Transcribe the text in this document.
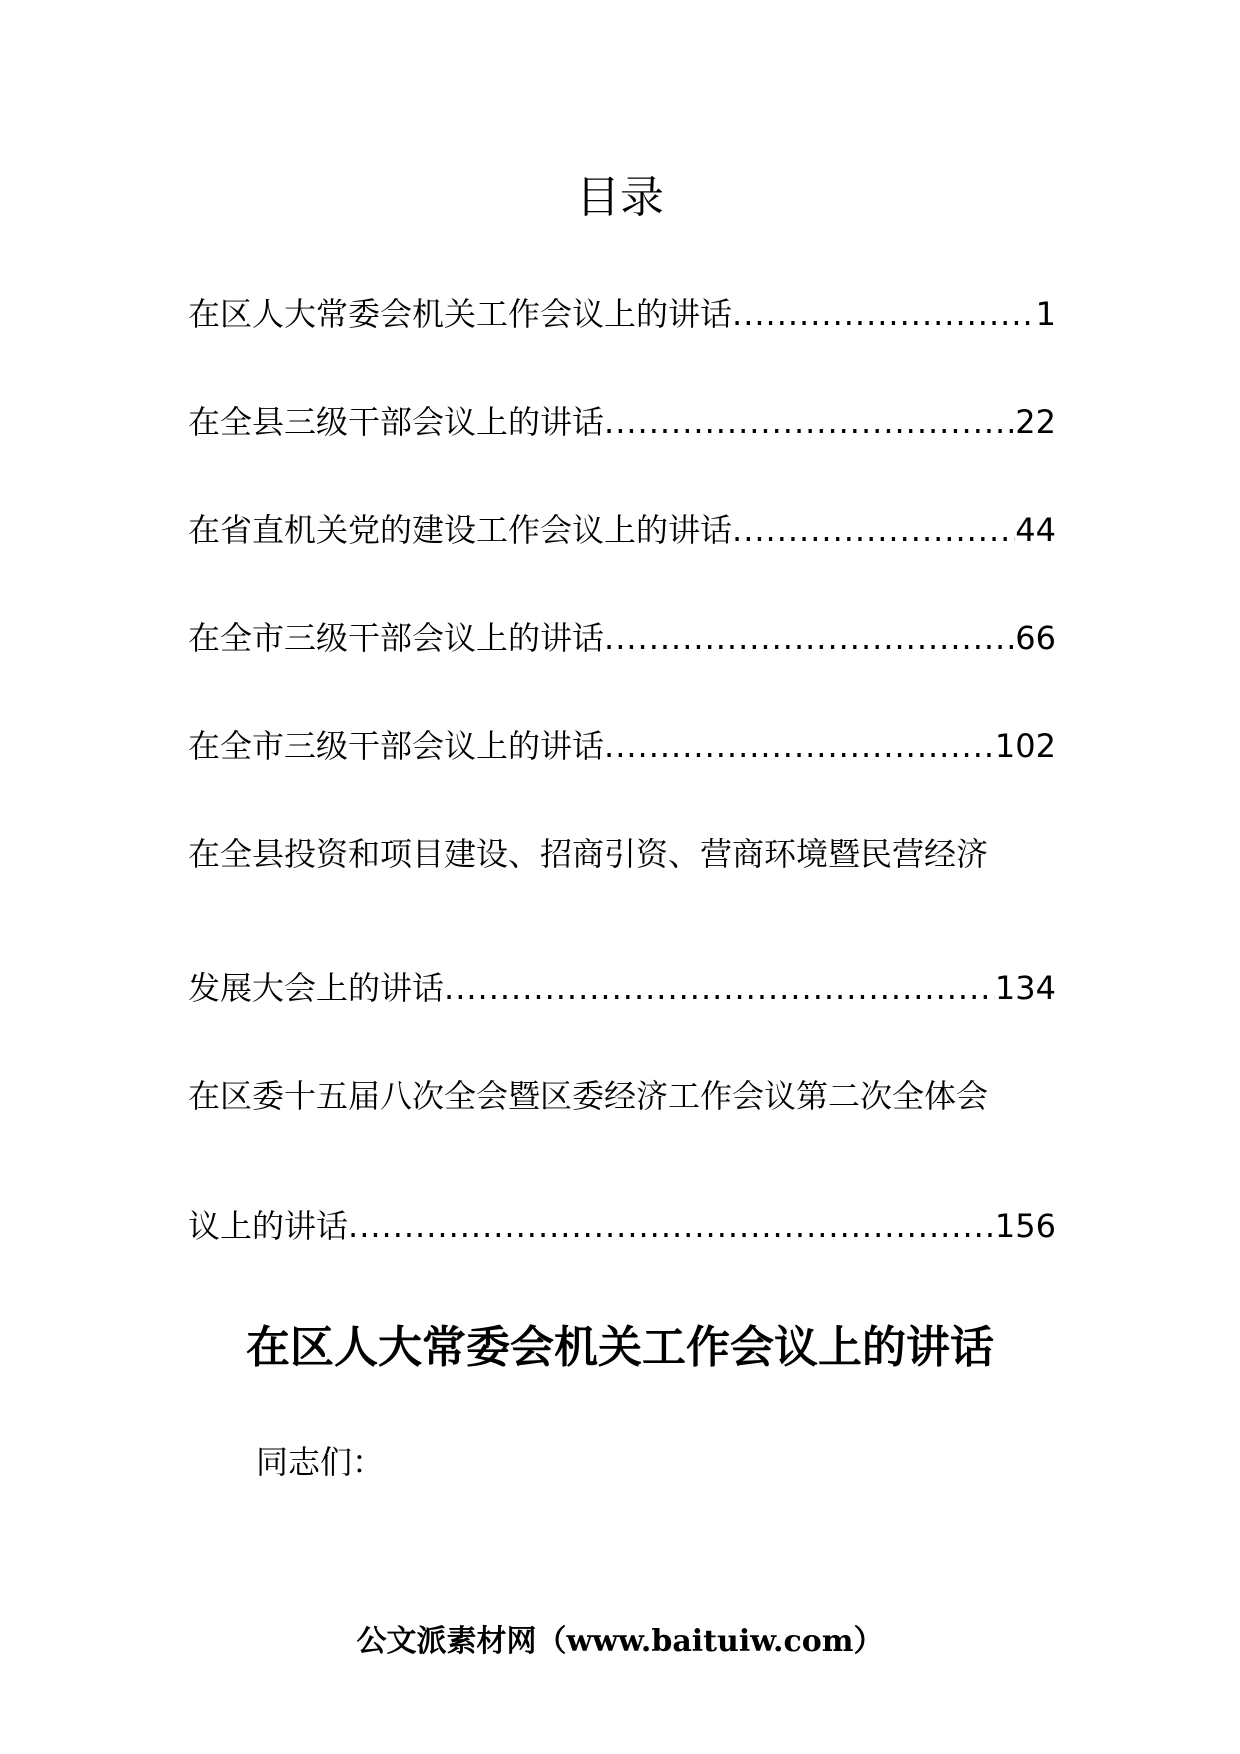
目录
在区人大常委会机关工作会议上的讲话 .....	1
在全县三级干部会议上的讲话 .....	22
在省直机关党的建设工作会议上的讲话 .....	44
在全市三级干部会议上的讲话 .....	66
在全市三级干部会议上的讲话 .....	102
在全县投资和项目建设、招商引资、营商环境暨民营经济
发展大会上的讲话 .....	134
在区委十五届八次全会暨区委经济工作会议第二次全体会
议上的讲话 .....	156
在区人大常委会机关工作会议上的讲话
同志们：
公文派素材网（www.baituiw.com）
